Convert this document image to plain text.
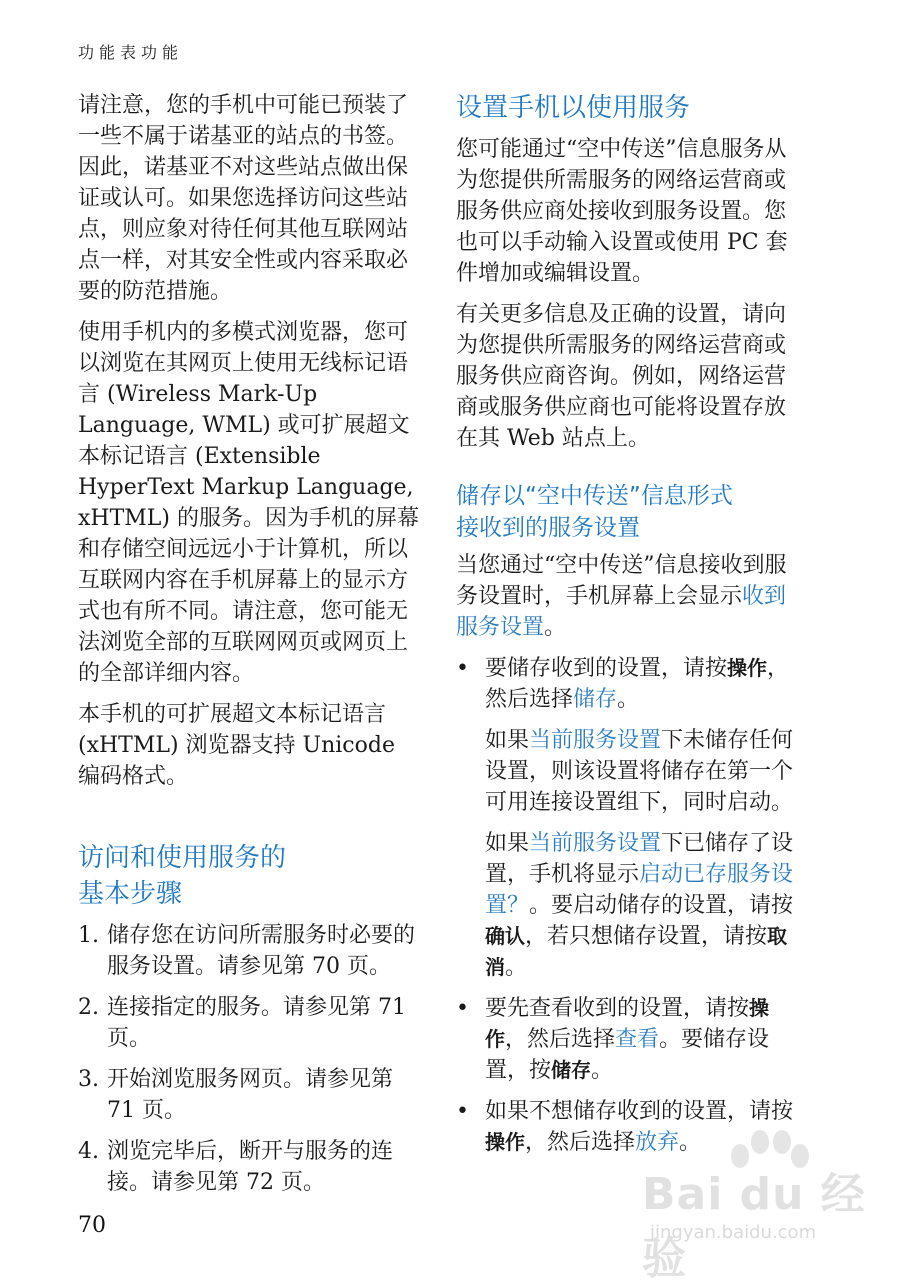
功能表功能

请注意，您的手机中可能已预装了一些不属于诺基亚的站点的书签。因此，诺基亚不对这些站点做出保证或认可。如果您选择访问这些站点，则应象对待任何其他互联网站点一样，对其安全性或内容采取必要的防范措施。

使用手机内的多模式浏览器，您可以浏览在其网页上使用无线标记语言 (Wireless Mark-Up Language, WML) 或可扩展超文本标记语言 (Extensible HyperText Markup Language, xHTML) 的服务。因为手机的屏幕和存储空间远远小于计算机，所以互联网内容在手机屏幕上的显示方式也有所不同。请注意，您可能无法浏览全部的互联网网页或网页上的全部详细内容。

本手机的可扩展超文本标记语言 (xHTML) 浏览器支持 Unicode 编码格式。

访问和使用服务的
基本步骤
1. 储存您在访问所需服务时必要的服务设置。请参见第 70 页。
2. 连接指定的服务。请参见第 71 页。
3. 开始浏览服务网页。请参见第 71 页。
4. 浏览完毕后，断开与服务的连接。请参见第 72 页。
设置手机以使用服务

您可能通过“空中传送”信息服务从为您提供所需服务的网络运营商或服务供应商处接收到服务设置。您也可以手动输入设置或使用 PC 套件增加或编辑设置。

有关更多信息及正确的设置，请向为您提供所需服务的网络运营商或服务供应商咨询。例如，网络运营商或服务供应商也可能将设置存放在其 Web 站点上。

储存以“空中传送”信息形式
接收到的服务设置

当您通过“空中传送”信息接收到服务设置时，手机屏幕上会显示收到服务设置。

• 要储存收到的设置，请按操作，然后选择储存。
如果当前服务设置下未储存任何设置，则该设置将储存在第一个可用连接设置组下，同时启动。
如果当前服务设置下已储存了设置，手机将显示启动已存服务设置？。要启动储存的设置，请按确认，若只想储存设置，请按取消。
• 要先查看收到的设置，请按操作，然后选择查看。要储存设置，按储存。
• 如果不想储存收到的设置，请按操作，然后选择放弃。
70
Bai du 经验
jingyan.baidu.com
